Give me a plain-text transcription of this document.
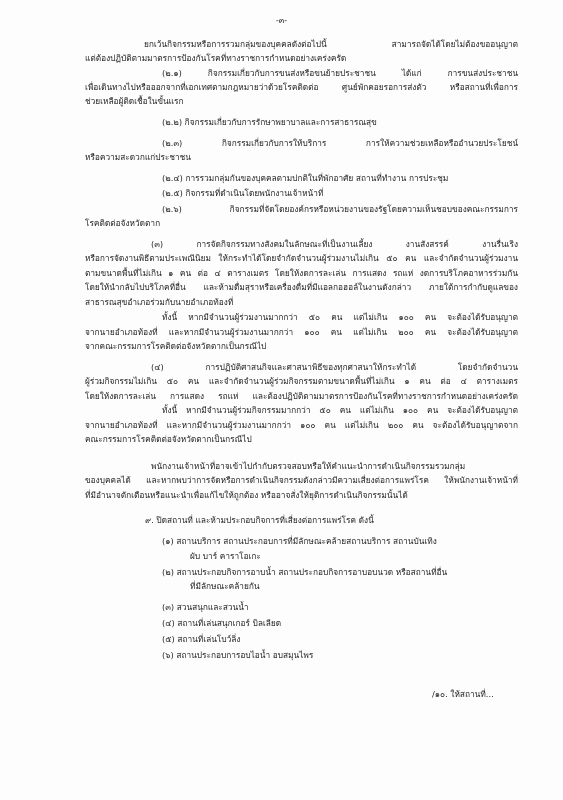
-๓-
ยกเว้นกิจกรรมหรือการรวมกลุ่มของบุคคลดังต่อไปนี้ สามารถจัดได้โดยไม่ต้องขออนุญาต
แต่ต้องปฏิบัติตามมาตรการป้องกันโรคที่ทางราชการกำหนดอย่างเคร่งครัด
(๒.๑) กิจกรรมเกี่ยวกับการขนส่งหรือขนย้ายประชาชน ได้แก่ การขนส่งประชาชน
เพื่อเดินทางไปหรือออกจากที่เอกเทศตามกฎหมายว่าด้วยโรคติดต่อ ศูนย์พักคอยรอการส่งตัว หรือสถานที่เพื่อการ
ช่วยเหลือผู้ติดเชื้อในขั้นแรก
(๒.๒) กิจกรรมเกี่ยวกับการรักษาพยาบาลและการสาธารณสุข
(๒.๓) กิจกรรมเกี่ยวกับการให้บริการ การให้ความช่วยเหลือหรืออำนวยประโยชน์
หรือความสะดวกแก่ประชาชน
(๒.๔) การรวมกลุ่มกันของบุคคลตามปกติในที่พักอาศัย สถานที่ทำงาน การประชุม
(๒.๕) กิจกรรมที่ดำเนินโดยพนักงานเจ้าหน้าที่
(๒.๖) กิจกรรมที่จัดโดยองค์กรหรือหน่วยงานของรัฐโดยความเห็นชอบของคณะกรรมการ
โรคติดต่อจังหวัดตาก
(๓) การจัดกิจกรรมทางสังคมในลักษณะที่เป็นงานเลี้ยง งานสังสรรค์ งานรื่นเริง
หรือการจัดงานพิธีตามประเพณีนิยม ให้กระทำได้โดยจำกัดจำนวนผู้ร่วมงานไม่เกิน ๕๐ คน และจำกัดจำนวนผู้ร่วมงาน
ตามขนาดพื้นที่ไม่เกิน ๑ คน ต่อ ๔ ตารางเมตร โดยให้งดการละเล่น การแสดง รถแห่ งดการบริโภคอาหารร่วมกัน
โดยให้นำกลับไปบริโภคที่อื่น และห้ามดื่มสุราหรือเครื่องดื่มที่มีแอลกอฮอล์ในงานดังกล่าว ภายใต้การกำกับดูแลของ
สาธารณสุขอำเภอร่วมกับนายอำเภอท้องที่
ทั้งนี้ หากมีจำนวนผู้ร่วมงานมากกว่า ๕๐ คน แต่ไม่เกิน ๑๐๐ คน จะต้องได้รับอนุญาต
จากนายอำเภอท้องที่ และหากมีจำนวนผู้ร่วมงานมากกว่า ๑๐๐ คน แต่ไม่เกิน ๒๐๐ คน จะต้องได้รับอนุญาต
จากคณะกรรมการโรคติดต่อจังหวัดตากเป็นกรณีไป
(๔) การปฏิบัติศาสนกิจและศาสนาพิธีของทุกศาสนาให้กระทำได้ โดยจำกัดจำนวน
ผู้ร่วมกิจกรรมไม่เกิน ๕๐ คน และจำกัดจำนวนผู้ร่วมกิจกรรมตามขนาดพื้นที่ไม่เกิน ๑ คน ต่อ ๔ ตารางเมตร
โดยให้งดการละเล่น การแสดง รถแห่ และต้องปฏิบัติตามมาตรการป้องกันโรคที่ทางราชการกำหนดอย่างเคร่งครัด
ทั้งนี้ หากมีจำนวนผู้ร่วมกิจกรรมมากกว่า ๕๐ คน แต่ไม่เกิน ๑๐๐ คน จะต้องได้รับอนุญาต
จากนายอำเภอท้องที่ และหากมีจำนวนผู้ร่วมงานมากกว่า ๑๐๐ คน แต่ไม่เกิน ๒๐๐ คน จะต้องได้รับอนุญาตจาก
คณะกรรมการโรคติดต่อจังหวัดตากเป็นกรณีไป
พนักงานเจ้าหน้าที่อาจเข้าไปกำกับตรวจสอบหรือให้คำแนะนำการดำเนินกิจกรรมรวมกลุ่ม
ของบุคคลได้ และหากพบว่าการจัดหรือการดำเนินกิจกรรมดังกล่าวมีความเสี่ยงต่อการแพร่โรค ให้พนักงานเจ้าหน้าที่
ที่มีอำนาจตักเตือนหรือแนะนำเพื่อแก้ไขให้ถูกต้อง หรืออาจสั่งให้ยุติการดำเนินกิจกรรมนั้นได้
๙. ปิดสถานที่ และห้ามประกอบกิจการที่เสี่ยงต่อการแพร่โรค ดังนี้
(๑) สถานบริการ สถานประกอบการที่มีลักษณะคล้ายสถานบริการ สถานบันเทิง
ผับ บาร์ คาราโอเกะ
(๒) สถานประกอบกิจการอาบน้ำ สถานประกอบกิจการอาบอบนวด หรือสถานที่อื่น
ที่มีลักษณะคล้ายกัน
(๓) สวนสนุกและสวนน้ำ
(๔) สถานที่เล่นสนุกเกอร์ บิลเลียด
(๕) สถานที่เล่นโบว์ลิ่ง
(๖) สถานประกอบการอบไอน้ำ อบสมุนไพร
/๑๐. ให้สถานที่...
